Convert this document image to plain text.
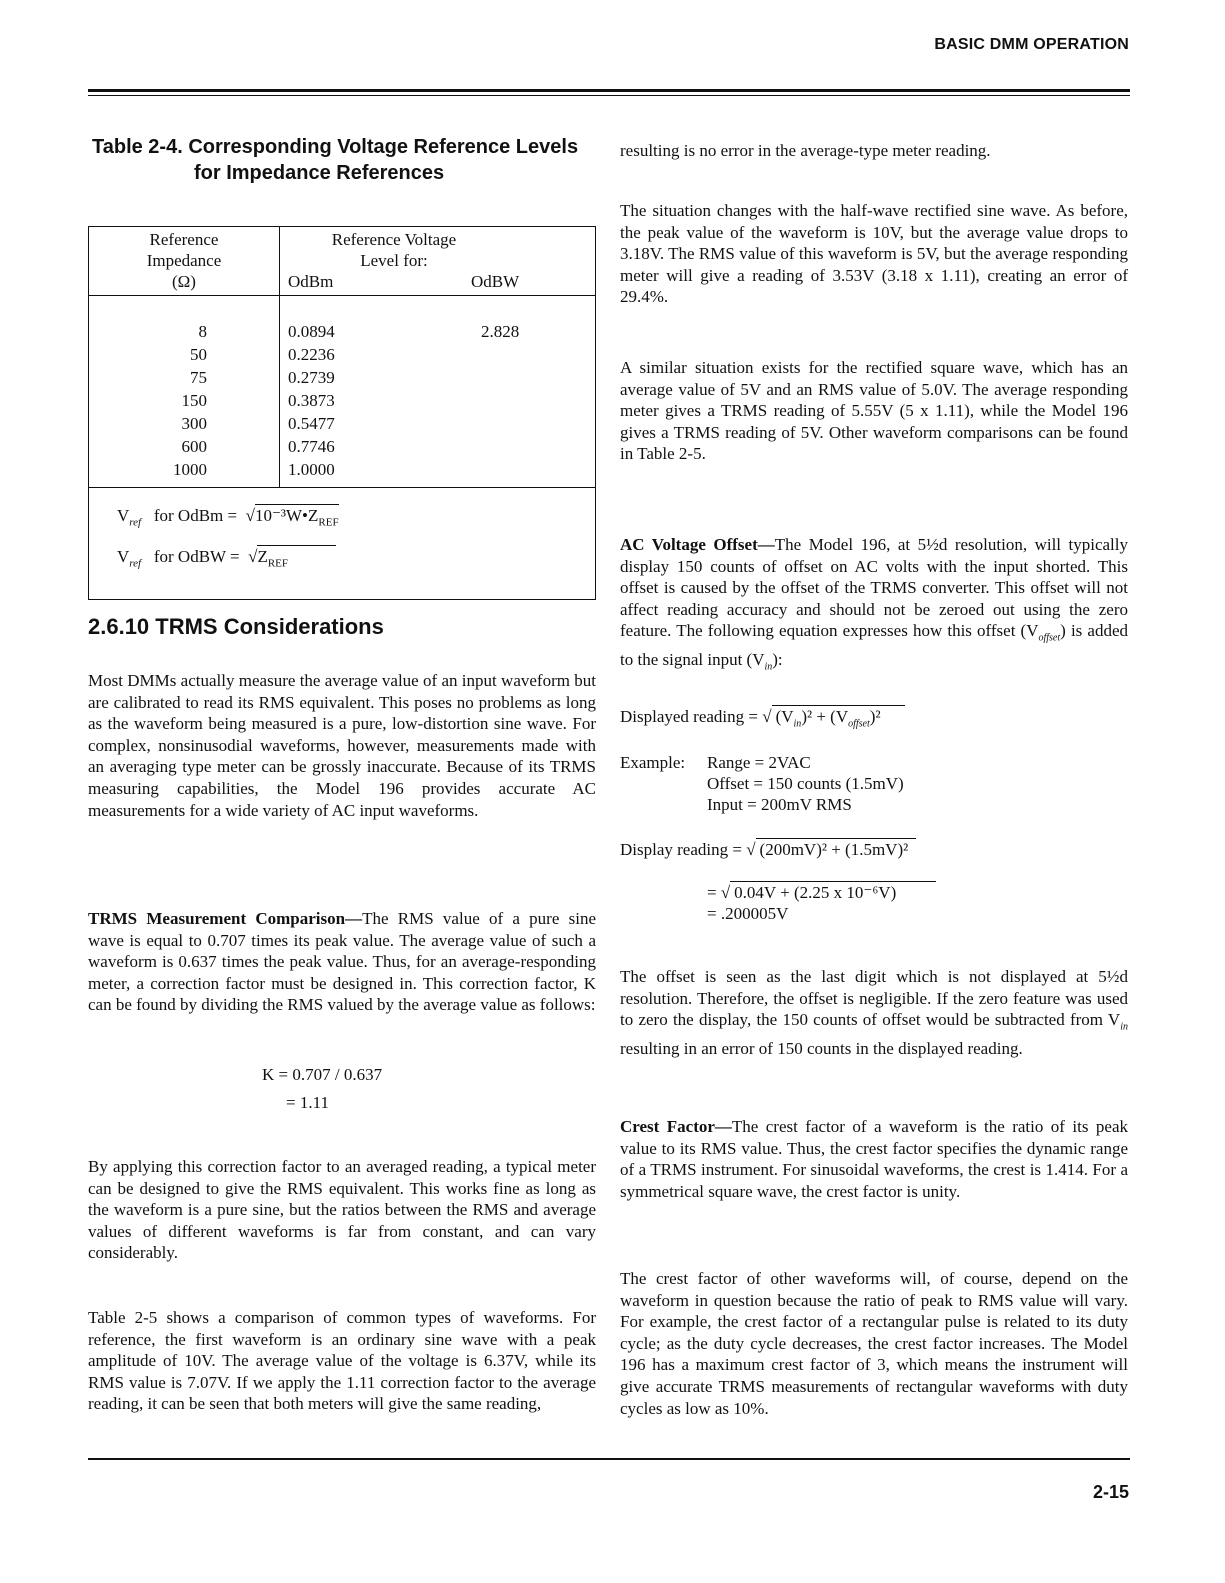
BASIC DMM OPERATION
Table 2-4. Corresponding Voltage Reference Levels
for Impedance References
Reference
Impedance
(Ω)
Reference Voltage
Level for:
OdBm	OdBW
8	0.0894	2.828
50	0.2236
75	0.2739
150	0.3873
300	0.5477
600	0.7746
1000	1.0000
$V_{ref}$ for OdBm = $√10^{-3}W•Z_{REF}$
$V_{ref}$ for OdBW = $√Z_{REF}$
2.6.10 TRMS Considerations

Most DMMs actually measure the average value of an input waveform but are calibrated to read its RMS equivalent. This poses no problems as long as the waveform being measured is a pure, low-distortion sine wave. For complex, nonsinusodial waveforms, however, measurements made with an averaging type meter can be grossly inaccurate. Because of its TRMS measuring capabilities, the Model 196 provides accurate AC measurements for a wide variety of AC input waveforms.

TRMS Measurement Comparison—The RMS value of a pure sine wave is equal to 0.707 times its peak value. The average value of such a waveform is 0.637 times the peak value. Thus, for an average-responding meter, a correction factor must be designed in. This correction factor, K can be found by dividing the RMS valued by the average value as follows:

K = 0.707 / 0.637
= 1.11

By applying this correction factor to an averaged reading, a typical meter can be designed to give the RMS equivalent. This works fine as long as the waveform is a pure sine, but the ratios between the RMS and average values of different waveforms is far from constant, and can vary considerably.

Table 2-5 shows a comparison of common types of waveforms. For reference, the first waveform is an ordinary sine wave with a peak amplitude of 10V. The average value of the voltage is 6.37V, while its RMS value is 7.07V. If we apply the 1.11 correction factor to the average reading, it can be seen that both meters will give the same reading,

resulting is no error in the average-type meter reading.

The situation changes with the half-wave rectified sine wave. As before, the peak value of the waveform is 10V, but the average value drops to 3.18V. The RMS value of this waveform is 5V, but the average responding meter will give a reading of 3.53V (3.18 x 1.11), creating an error of 29.4%.

A similar situation exists for the rectified square wave, which has an average value of 5V and an RMS value of 5.0V. The average responding meter gives a TRMS reading of 5.55V (5 x 1.11), while the Model 196 gives a TRMS reading of 5V. Other waveform comparisons can be found in Table 2-5.

AC Voltage Offset—The Model 196, at 5½d resolution, will typically display 150 counts of offset on AC volts with the input shorted. This offset is caused by the offset of the TRMS converter. This offset will not affect reading accuracy and should not be zeroed out using the zero feature. The following equation expresses how this offset $(V_{offset})$ is added to the signal input $(V_{in})$:

Displayed reading = √ $(V_{in})^2 + (V_{offset})^2$
Example: Range = 2VAC
Offset = 150 counts (1.5mV)
Input = 200mV RMS
Display reading = √ (200mV)² + (1.5mV)²
= √ 0.04V + (2.25 x 10⁻⁶V)
= .200005V

The offset is seen as the last digit which is not displayed at 5½d resolution. Therefore, the offset is negligible. If the zero feature was used to zero the display, the 150 counts of offset would be subtracted from $V_{in}$ resulting in an error of 150 counts in the displayed reading.

Crest Factor—The crest factor of a waveform is the ratio of its peak value to its RMS value. Thus, the crest factor specifies the dynamic range of a TRMS instrument. For sinusoidal waveforms, the crest is 1.414. For a symmetrical square wave, the crest factor is unity.

The crest factor of other waveforms will, of course, depend on the waveform in question because the ratio of peak to RMS value will vary. For example, the crest factor of a rectangular pulse is related to its duty cycle; as the duty cycle decreases, the crest factor increases. The Model 196 has a maximum crest factor of 3, which means the instrument will give accurate TRMS measurements of rectangular waveforms with duty cycles as low as 10%.

2-15
